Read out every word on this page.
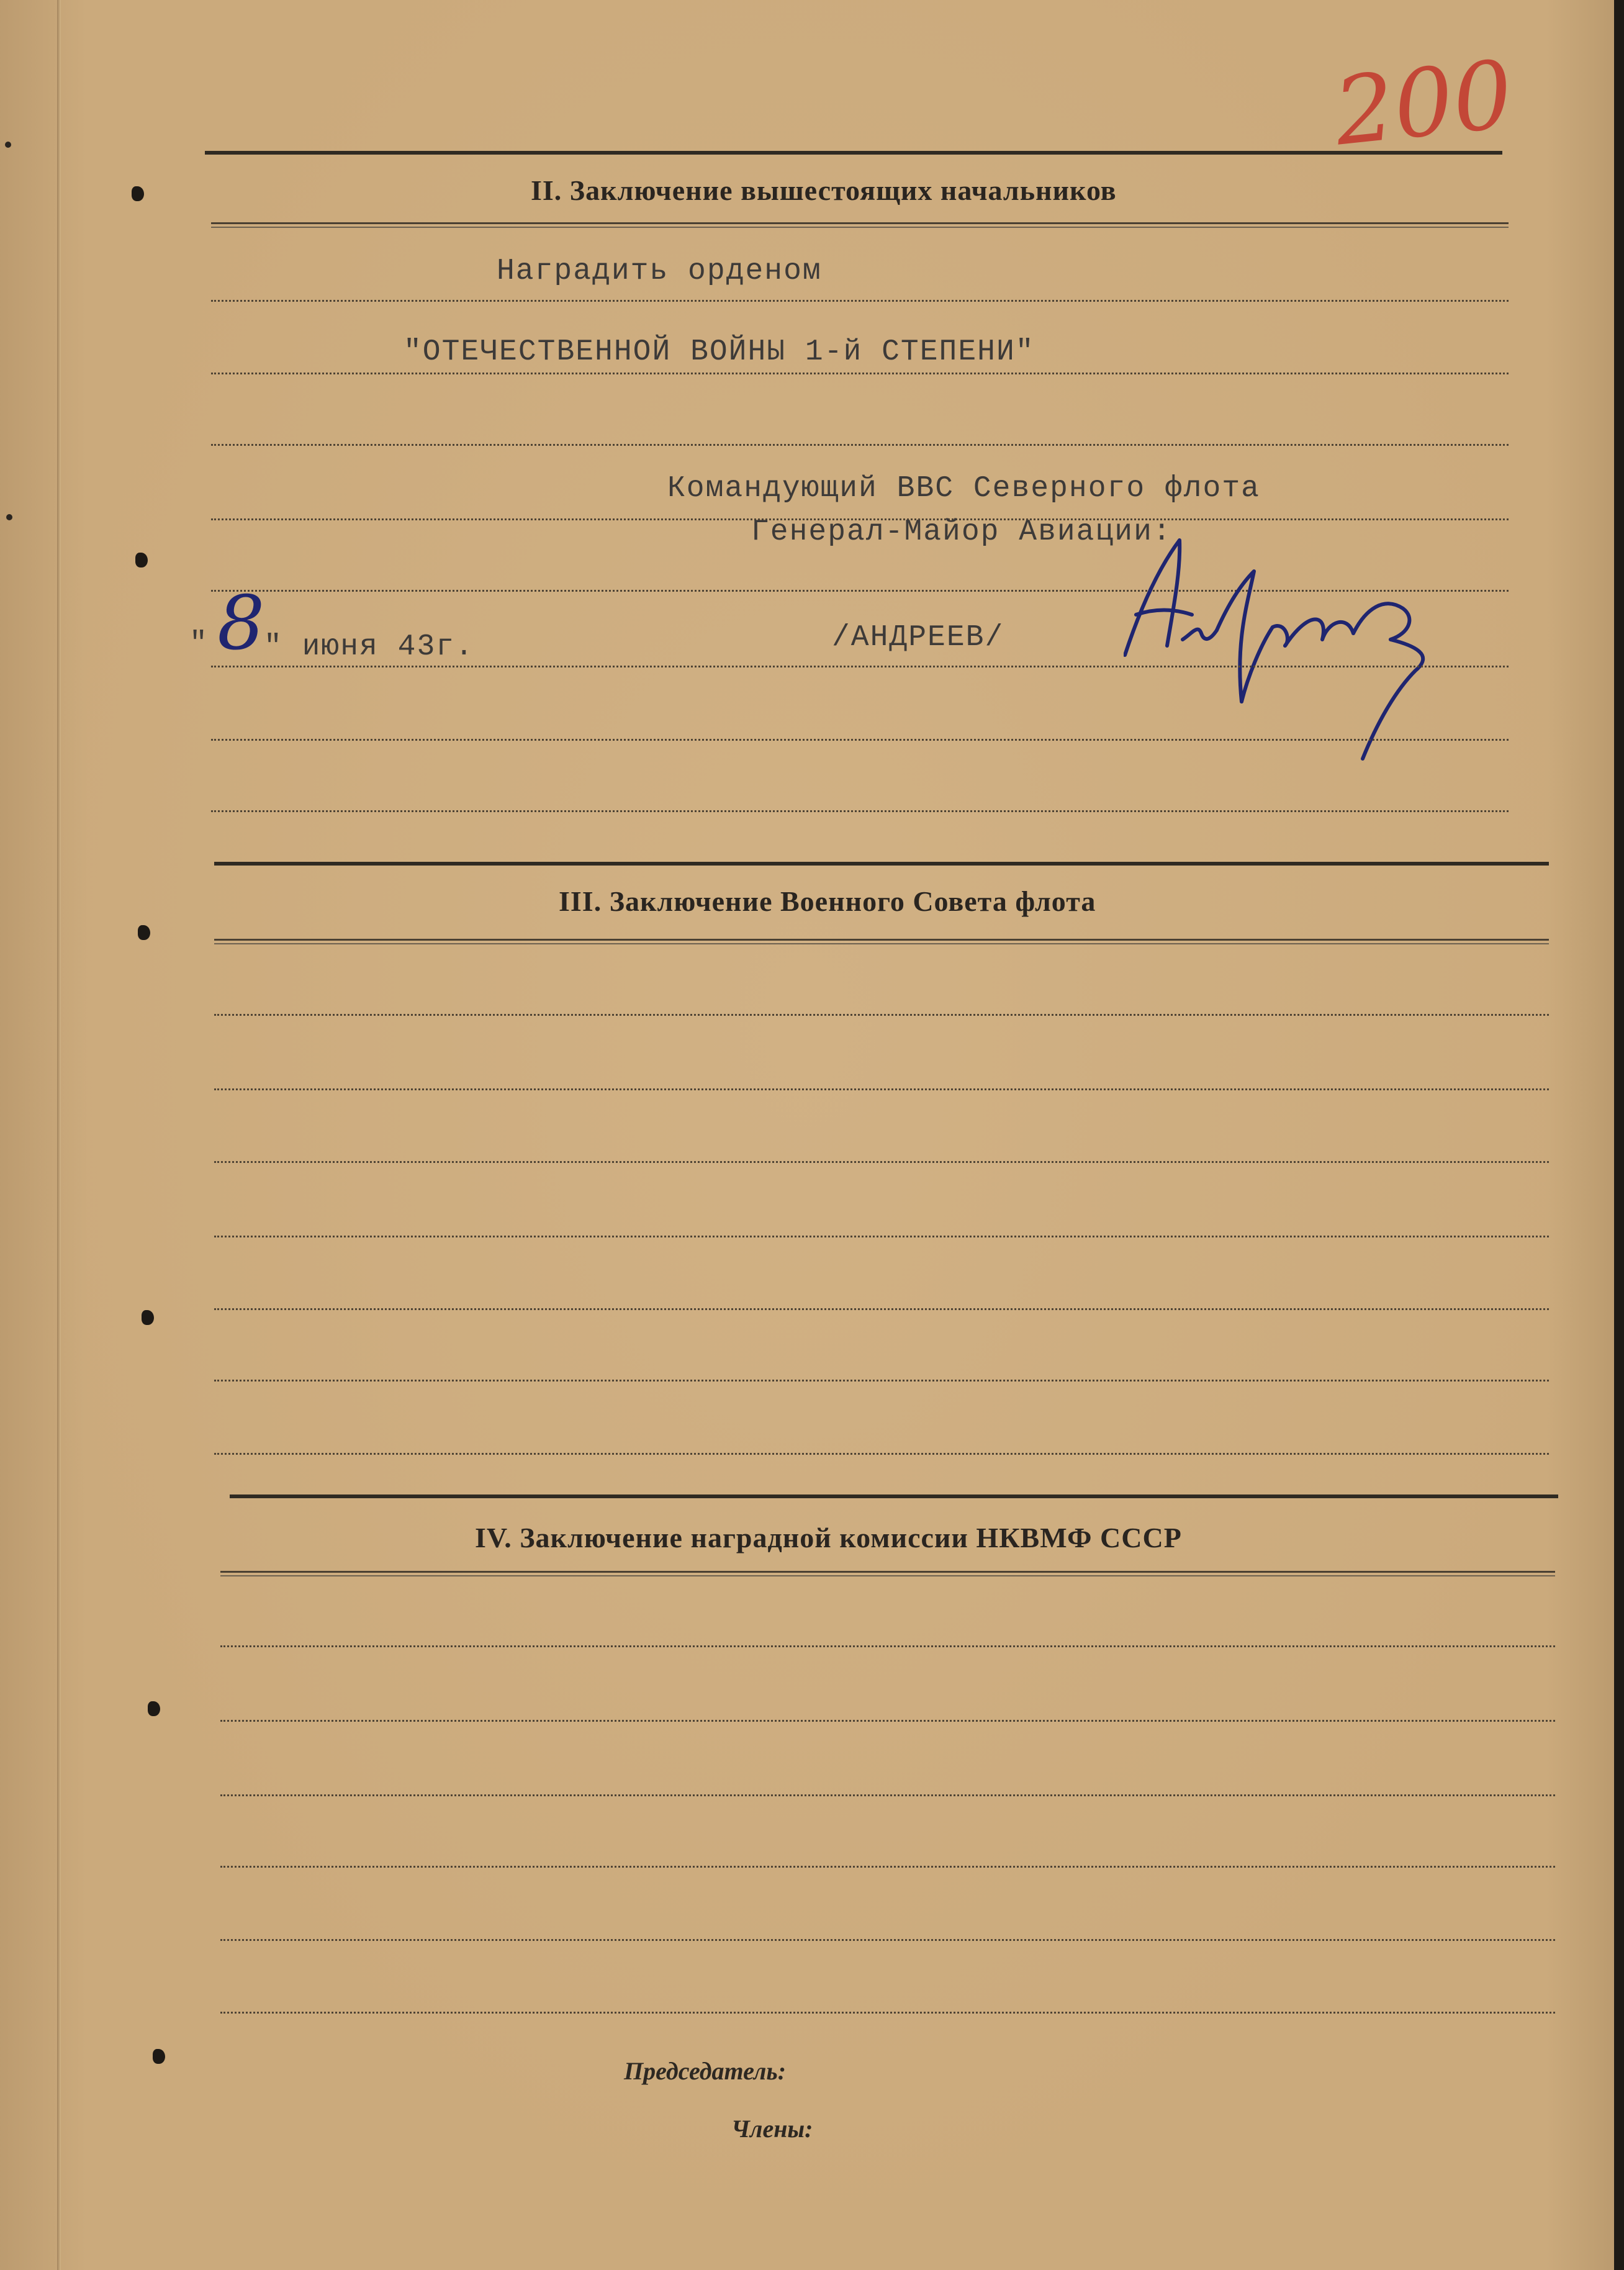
200
II. Заключение вышестоящих начальников
Наградить орденом
"ОТЕЧЕСТВЕННОЙ ВОЙНЫ 1-й СТЕПЕНИ"
Командующий ВВС Северного флота
Генерал-Майор Авиации:
" 8
" июня 43г.	/АНДРЕЕВ/
III. Заключение Военного Совета флота
IV. Заключение наградной комиссии НКВМФ СССР
Председатель:
Члены:
